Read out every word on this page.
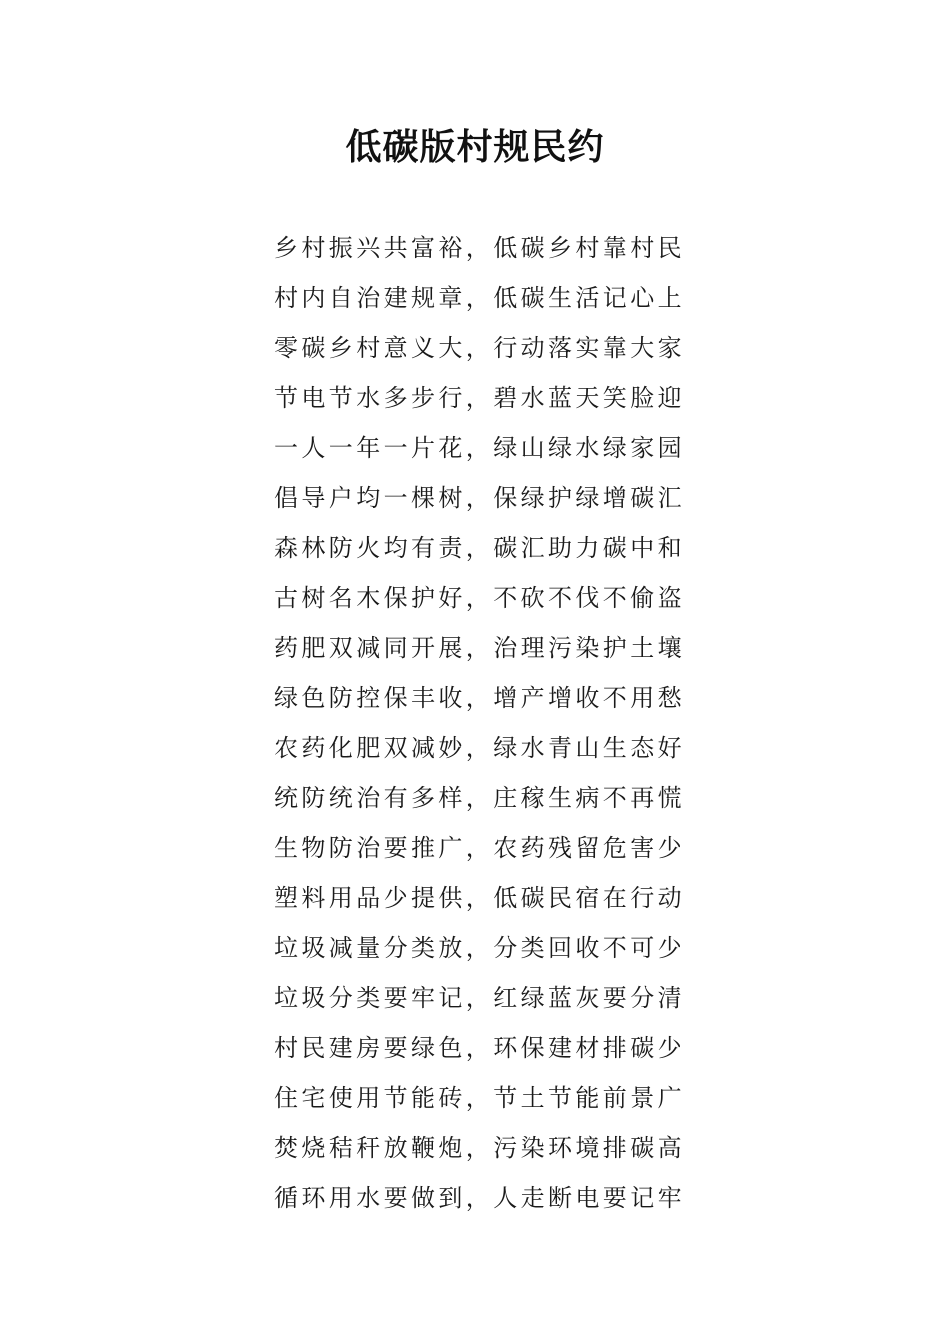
低碳版村规民约
乡村振兴共富裕，低碳乡村靠村民
村内自治建规章，低碳生活记心上
零碳乡村意义大，行动落实靠大家
节电节水多步行，碧水蓝天笑脸迎
一人一年一片花，绿山绿水绿家园
倡导户均一棵树，保绿护绿增碳汇
森林防火均有责，碳汇助力碳中和
古树名木保护好，不砍不伐不偷盗
药肥双减同开展，治理污染护土壤
绿色防控保丰收，增产增收不用愁
农药化肥双减妙，绿水青山生态好
统防统治有多样，庄稼生病不再慌
生物防治要推广，农药残留危害少
塑料用品少提供，低碳民宿在行动
垃圾减量分类放，分类回收不可少
垃圾分类要牢记，红绿蓝灰要分清
村民建房要绿色，环保建材排碳少
住宅使用节能砖，节土节能前景广
焚烧秸秆放鞭炮，污染环境排碳高
循环用水要做到，人走断电要记牢
